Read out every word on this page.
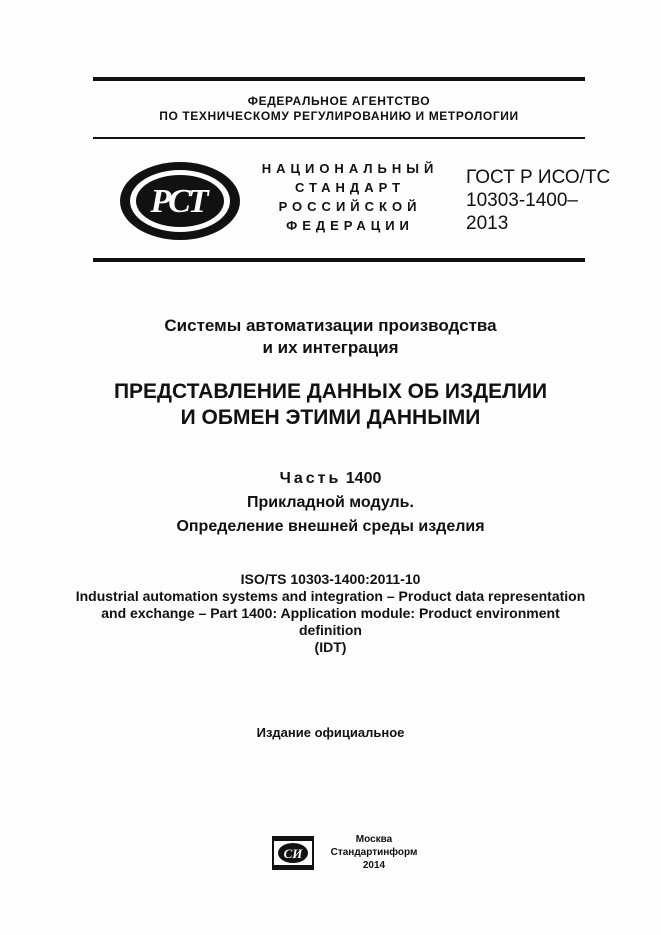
ФЕДЕРАЛЬНОЕ АГЕНТСТВО
ПО ТЕХНИЧЕСКОМУ РЕГУЛИРОВАНИЮ И МЕТРОЛОГИИ
РСТ
НАЦИОНАЛЬНЫЙ
СТАНДАРТ
РОССИЙСКОЙ
ФЕДЕРАЦИИ
ГОСТ Р ИСО/ТС
10303-1400–
2013
Системы автоматизации производства
и их интеграция
ПРЕДСТАВЛЕНИЕ ДАННЫХ ОБ ИЗДЕЛИИ
И ОБМЕН ЭТИМИ ДАННЫМИ
Часть 1400
Прикладной модуль.
Определение внешней среды изделия
ISO/TS 10303-1400:2011-10
Industrial automation systems and integration – Product data representation
and exchange – Part 1400: Application module: Product environment
definition
(IDT)
Издание официальное
СИ
Москва
Стандартинформ
2014
